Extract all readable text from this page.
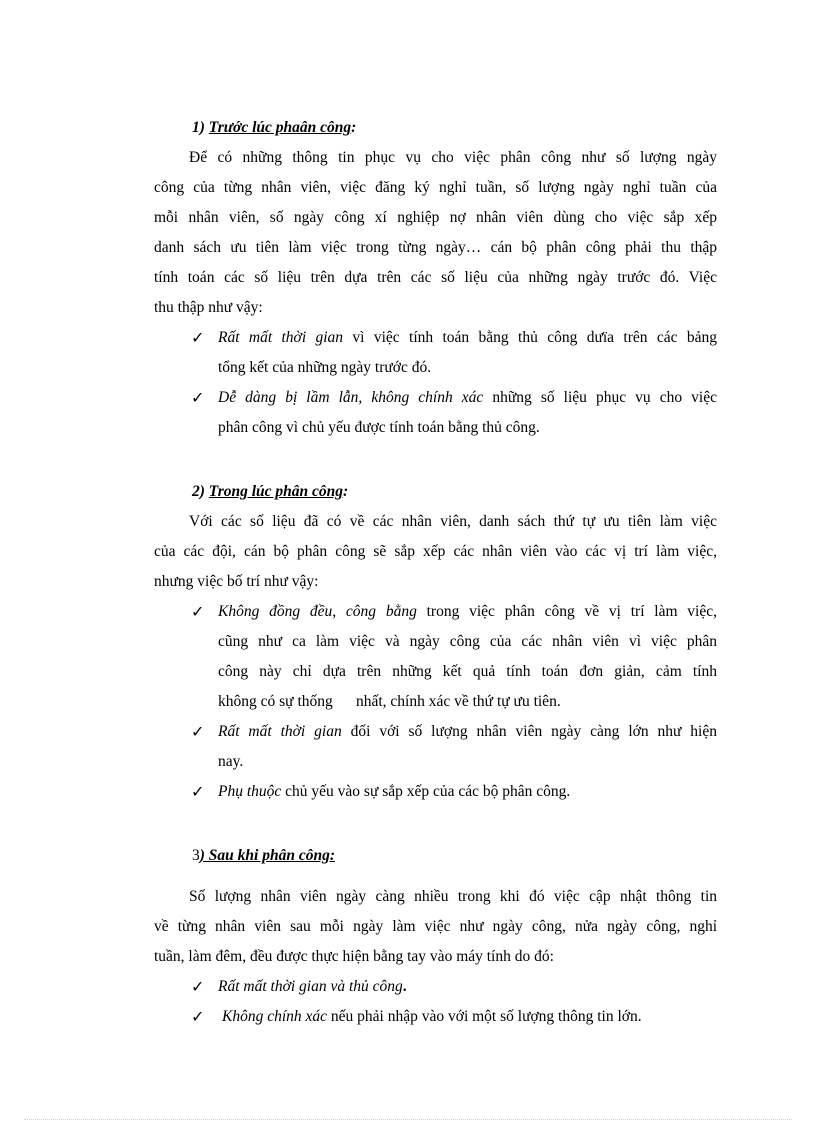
1) Trước lúc phaân công:
Để có những thông tin phục vụ cho việc phân công như số lượng ngày
công của từng nhân viên, việc đăng ký nghỉ tuần, số lượng ngày nghỉ tuần của
mỗi nhân viên, số ngày công xí nghiệp nợ nhân viên dùng cho việc sắp xếp
danh sách ưu tiên làm việc trong từng ngày… cán bộ phân công phải thu thập
tính toán các số liệu trên dựa trên các số liệu của những ngày trước đó. Việc
thu thập như vậy:
✓ Rất mất thời gian vì việc tính toán bằng thủ công dưïa trên các bảng
tổng kết của những ngày trước đó.
✓ Dễ dàng bị lầm lẫn, không chính xác những số liệu phục vụ cho việc
phân công vì chủ yếu được tính toán bằng thủ công.
2) Trong lúc phân công:
Với các số liệu đã có về các nhân viên, danh sách thứ tự ưu tiên làm việc
của các đội, cán bộ phân công sẽ sắp xếp các nhân viên vào các vị trí làm việc,
nhưng việc bố trí như vậy:
✓ Không đồng đều, công bằng trong việc phân công về vị trí làm việc,
cũng như ca làm việc và ngày công của các nhân viên vì việc phân
công này chỉ dựa trên những kết quả tính toán đơn giản, cảm tính
không có sự thống      nhất, chính xác về thứ tự ưu tiên.
✓ Rất mất thời gian đối với số lượng nhân viên ngày càng lớn như hiện
nay.
✓ Phụ thuộc chủ yếu vào sự sắp xếp của các bộ phân công.
3) Sau khi phân công:
Số lượng nhân viên ngày càng nhiều trong khi đó việc cập nhật thông tin
về từng nhân viên sau mỗi ngày làm việc như ngày công, nửa ngày công, nghỉ
tuần, làm đêm, đều được thực hiện bằng tay vào máy tính do đó:
✓ Rất mất thời gian và thủ công.
✓ Không chính xác nếu phải nhập vào với một số lượng thông tin lớn.
